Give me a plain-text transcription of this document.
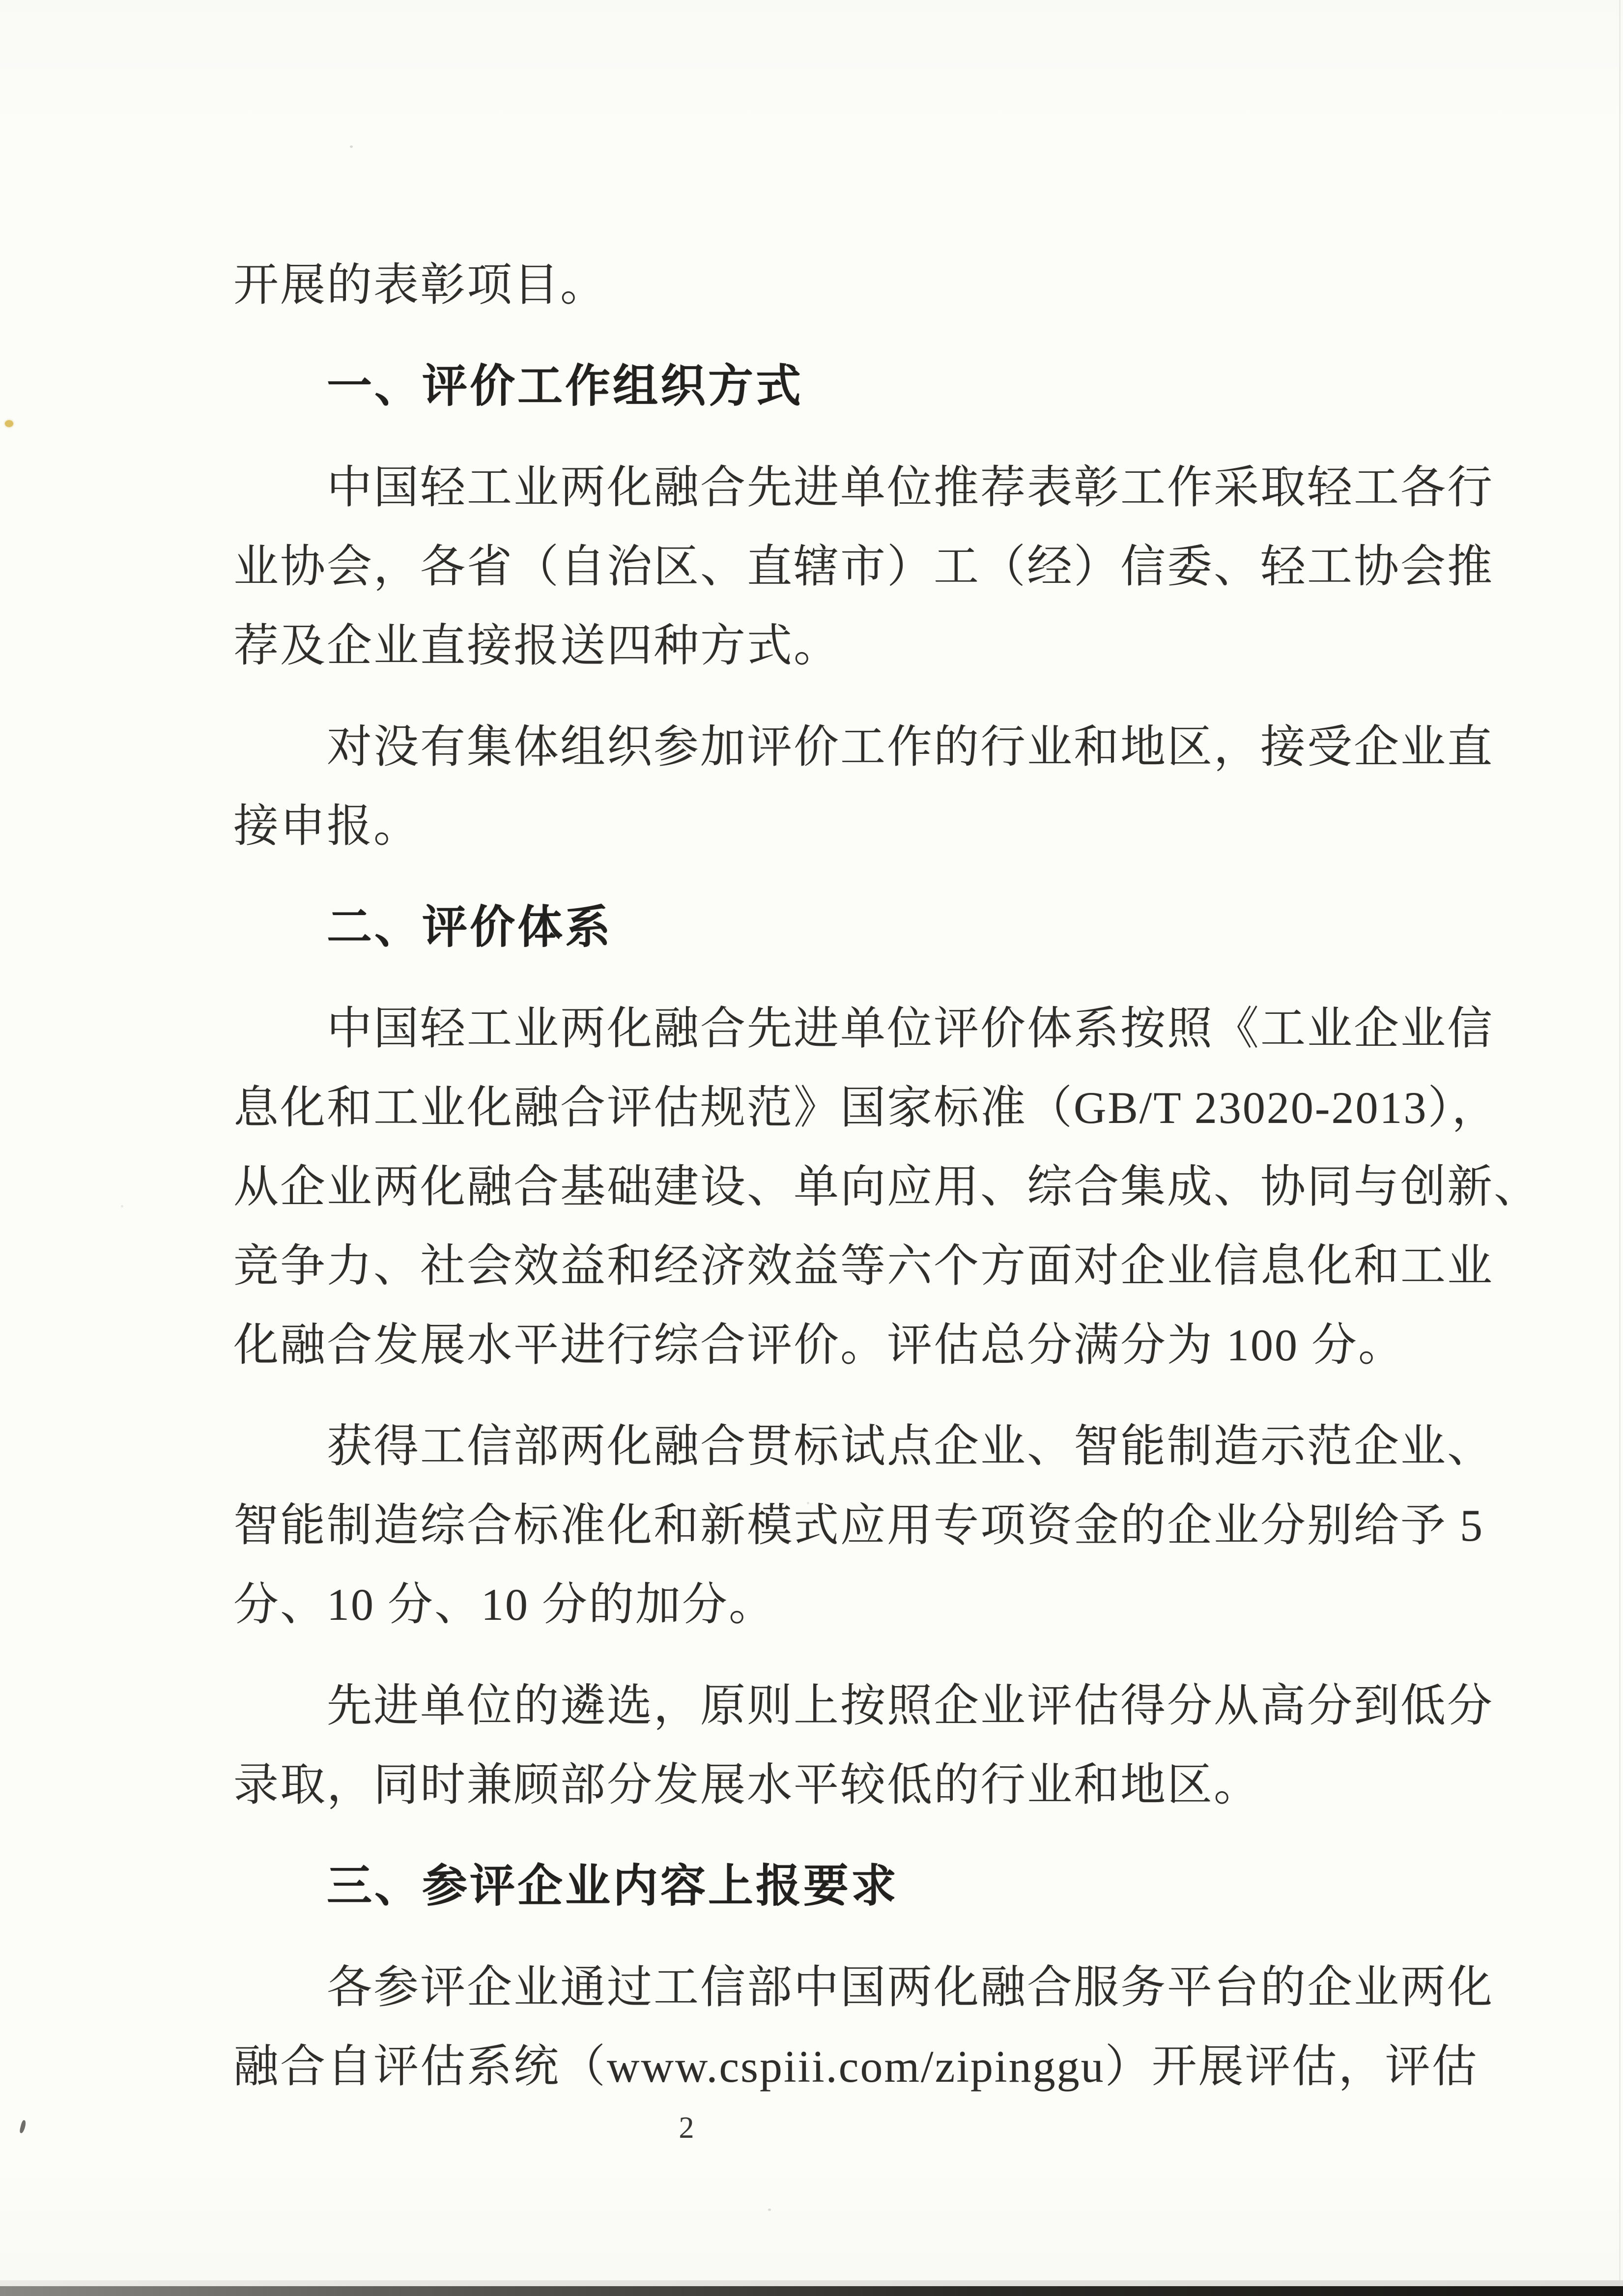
开展的表彰项目。
一、评价工作组织方式
中国轻工业两化融合先进单位推荐表彰工作采取轻工各行
业协会，各省（自治区、直辖市）工（经）信委、轻工协会推
荐及企业直接报送四种方式。
对没有集体组织参加评价工作的行业和地区，接受企业直
接申报。
二、评价体系
中国轻工业两化融合先进单位评价体系按照《工业企业信
息化和工业化融合评估规范》国家标准（GB/T 23020-2013），
从企业两化融合基础建设、单向应用、综合集成、协同与创新、
竞争力、社会效益和经济效益等六个方面对企业信息化和工业
化融合发展水平进行综合评价。评估总分满分为 100 分。
获得工信部两化融合贯标试点企业、智能制造示范企业、
智能制造综合标准化和新模式应用专项资金的企业分别给予 5
分、10 分、10 分的加分。
先进单位的遴选，原则上按照企业评估得分从高分到低分
录取，同时兼顾部分发展水平较低的行业和地区。
三、参评企业内容上报要求
各参评企业通过工信部中国两化融合服务平台的企业两化
融合自评估系统（www.cspiii.com/zipinggu）开展评估，评估
2
